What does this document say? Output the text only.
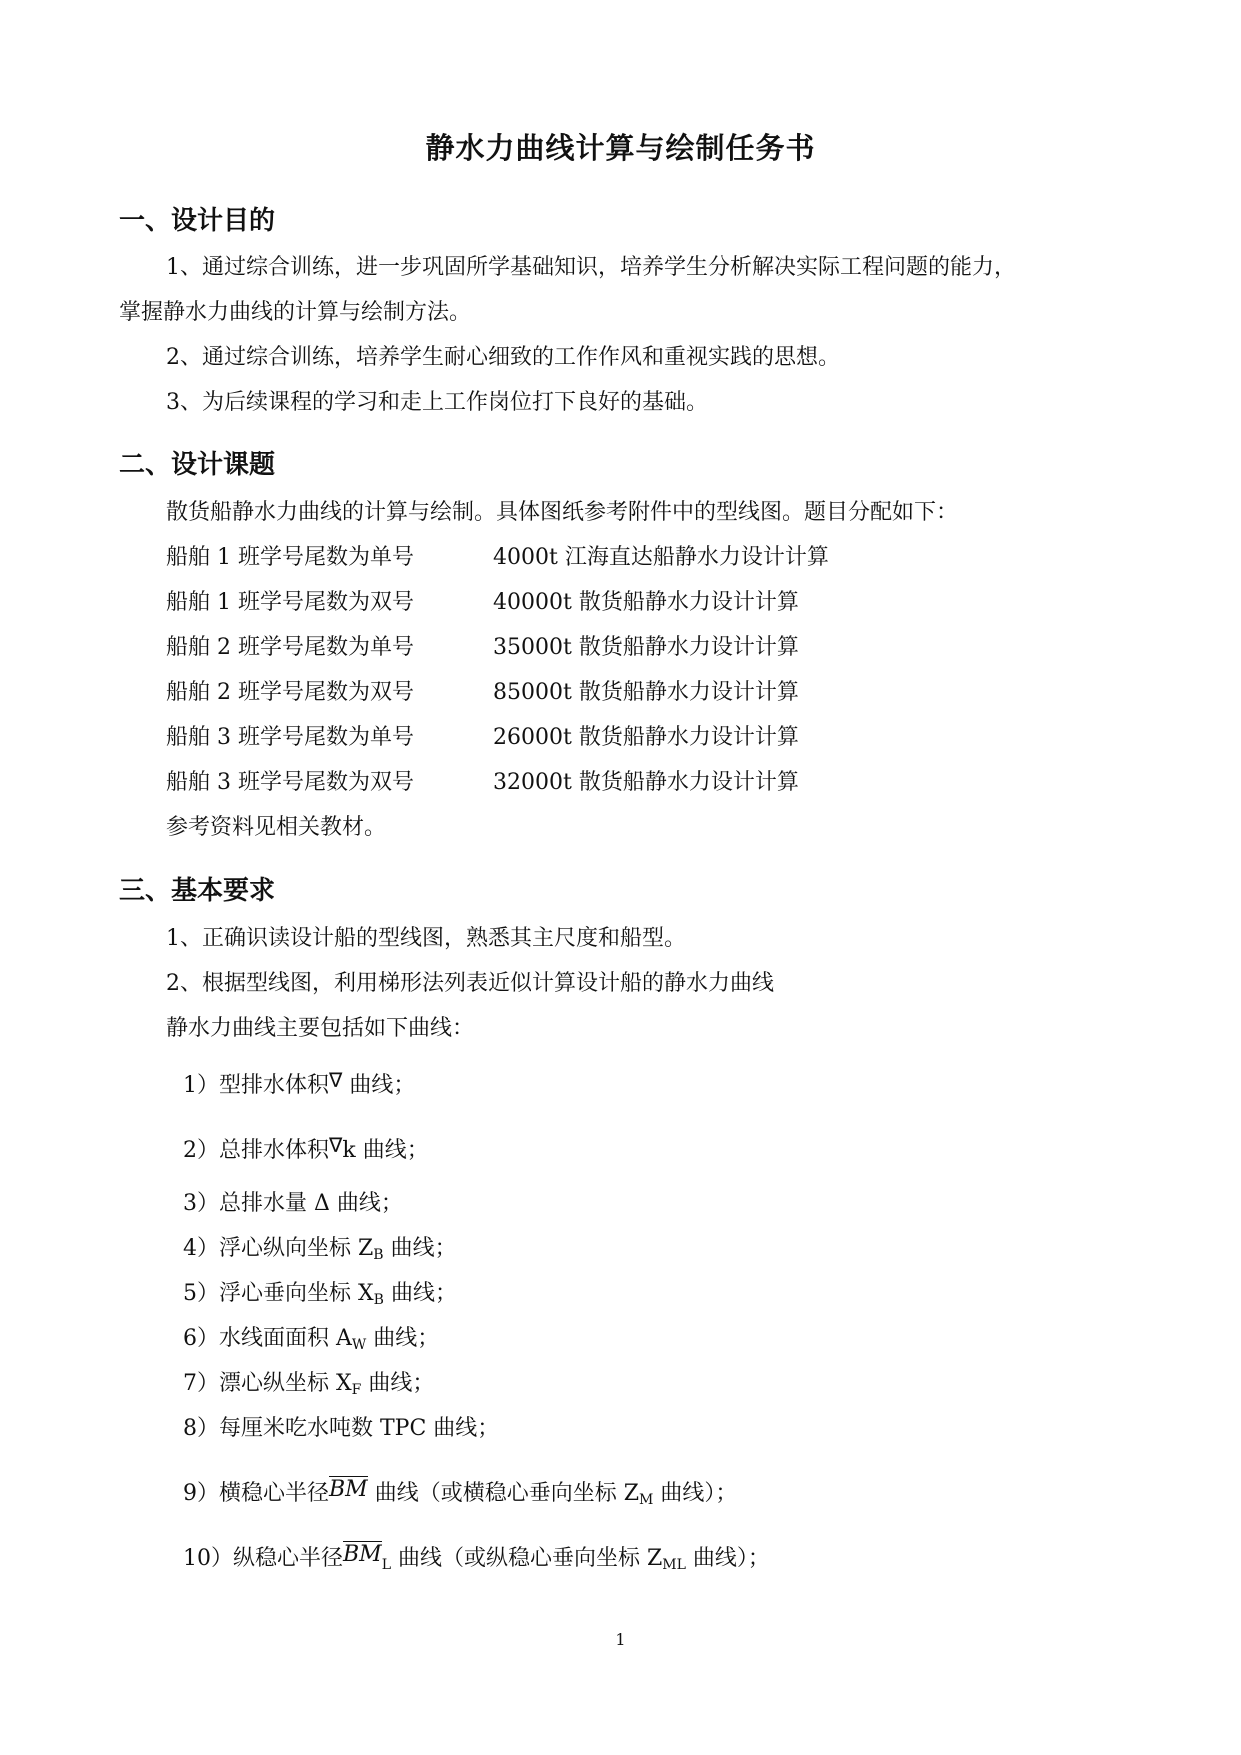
静水力曲线计算与绘制任务书
一、设计目的
1、通过综合训练，进一步巩固所学基础知识，培养学生分析解决实际工程问题的能力，
掌握静水力曲线的计算与绘制方法。
2、通过综合训练，培养学生耐心细致的工作作风和重视实践的思想。
3、为后续课程的学习和走上工作岗位打下良好的基础。
二、设计课题
散货船静水力曲线的计算与绘制。具体图纸参考附件中的型线图。题目分配如下：
船舶 1 班学号尾数为单号	4000t 江海直达船静水力设计计算
船舶 1 班学号尾数为双号	40000t 散货船静水力设计计算
船舶 2 班学号尾数为单号	35000t 散货船静水力设计计算
船舶 2 班学号尾数为双号	85000t 散货船静水力设计计算
船舶 3 班学号尾数为单号	26000t 散货船静水力设计计算
船舶 3 班学号尾数为双号	32000t 散货船静水力设计计算
参考资料见相关教材。
三、基本要求
1、正确识读设计船的型线图，熟悉其主尺度和船型。
2、根据型线图，利用梯形法列表近似计算设计船的静水力曲线
静水力曲线主要包括如下曲线：
1）型排水体积∇ 曲线；
2）总排水体积∇k 曲线；
3）总排水量 Δ 曲线；
4）浮心纵向坐标 $Z_B$ 曲线；
5）浮心垂向坐标 $X_B$ 曲线；
6）水线面面积 $A_W$ 曲线；
7）漂心纵坐标 $X_F$ 曲线；
8）每厘米吃水吨数 TPC 曲线；
9）横稳心半径BM 曲线（或横稳心垂向坐标 $Z_M$ 曲线）；
10）纵稳心半径$BM_L$ 曲线（或纵稳心垂向坐标 $Z_{ML}$ 曲线）；
1
